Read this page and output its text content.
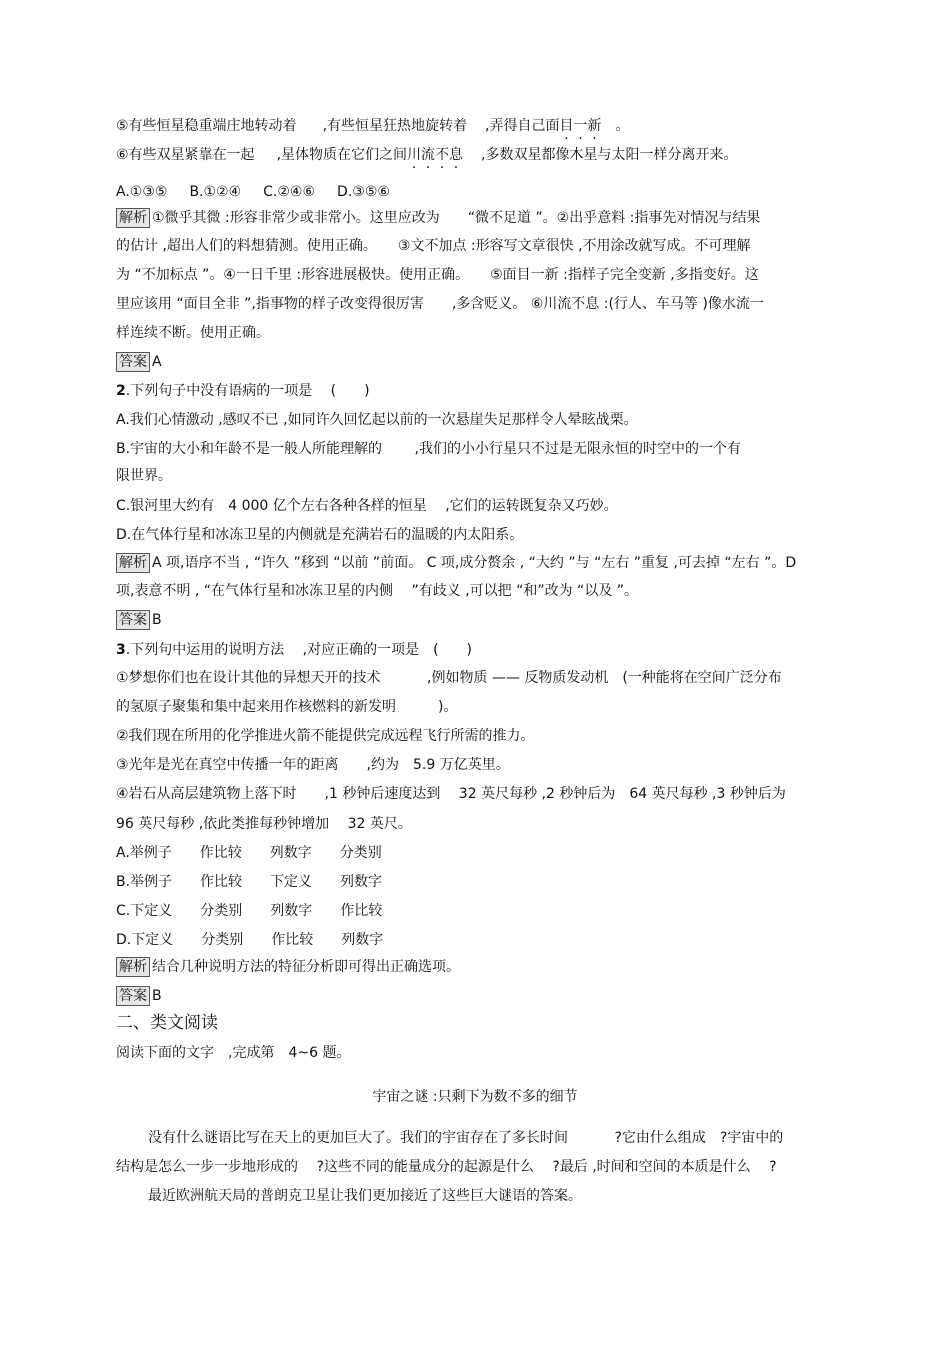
⑤有些恒星稳重端庄地转动着 ,有些恒星狂热地旋转着 ,弄得自己面目一新 。
⑥有些双星紧靠在一起 ,星体物质在它们之间川流不息 ,多数双星都像木星与太阳一样分离开来。
A.①③⑤ B.①②④ C.②④⑥ D.③⑤⑥
解析 ①微乎其微 :形容非常少或非常小。这里应改为　　“微不足道 ”。②出乎意料 :指事先对情况与结果
的估计 ,超出人们的料想猜测。使用正确。　　③文不加点 :形容写文章很快 ,不用涂改就写成。不可理解
为 “不加标点 ”。④一日千里 :形容进展极快。使用正确。　　⑤面目一新 :指样子完全变新 ,多指变好。这
里应该用 “面目全非 ”,指事物的样子改变得很厉害　　,多含贬义。 ⑥川流不息 :(行人、车马等 )像水流一
样连续不断。使用正确。
答案 A
2.下列句子中没有语病的一项是　 (　　)
A.我们心情激动 ,感叹不已 ,如同许久回忆起以前的一次悬崖失足那样令人晕眩战栗。
B.宇宙的大小和年龄不是一般人所能理解的　　 ,我们的小小行星只不过是无限永恒的时空中的一个有
限世界。
C.银河里大约有　4 000 亿个左右各种各样的恒星　 ,它们的运转既复杂又巧妙。
D.在气体行星和冰冻卫星的内侧就是充满岩石的温暖的内太阳系。
解析 A 项,语序不当 , “许久 ”移到 “以前 ”前面。 C 项,成分赘余 , “大约 ”与 “左右 ”重复 ,可去掉 “左右 ”。D
项,表意不明 , “在气体行星和冰冻卫星的内侧　 ”有歧义 ,可以把 “和”改为 “以及 ”。
答案 B
3.下列句中运用的说明方法　 ,对应正确的一项是　(　　)
①梦想你们也在设计其他的异想天开的技术　　　 ,例如物质 —— 反物质发动机　(一种能将在空间广泛分布
的氢原子聚集和集中起来用作核燃料的新发明　　　)。
②我们现在所用的化学推进火箭不能提供完成远程飞行所需的推力。
③光年是光在真空中传播一年的距离　　,约为　5.9 万亿英里。
④岩石从高层建筑物上落下时　　,1 秒钟后速度达到　 32 英尺每秒 ,2 秒钟后为　64 英尺每秒 ,3 秒钟后为
96 英尺每秒 ,依此类推每秒钟增加　 32 英尺。
A.举例子　　作比较　　列数字　　分类别
B.举例子　　作比较　　下定义　　列数字
C.下定义　　分类别　　列数字　　作比较
D.下定义　　分类别　　作比较　　列数字
解析 结合几种说明方法的特征分析即可得出正确选项。
答案 B
二、类文阅读
阅读下面的文字　,完成第　4~6 题。
宇宙之谜 :只剩下为数不多的细节
没有什么谜语比写在天上的更加巨大了。我们的宇宙存在了多长时间　　　 ?它由什么组成　?宇宙中的
结构是怎么一步一步地形成的　 ?这些不同的能量成分的起源是什么　 ?最后 ,时间和空间的本质是什么　 ?
最近欧洲航天局的普朗克卫星让我们更加接近了这些巨大谜语的答案。
